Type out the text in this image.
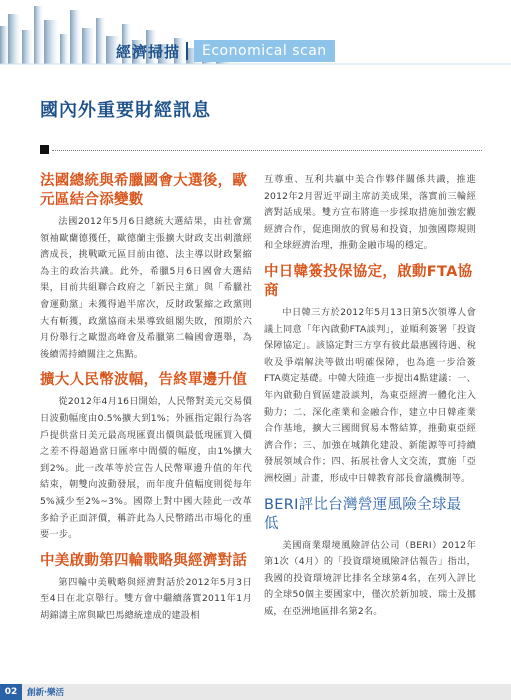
經濟掃描	Economical scan
國內外重要財經訊息
法國總統與希臘國會大選後，歐元區結合添變數

法國2012年5月6日總統大選結果，由社會黨領袖歐蘭德獲任，歐德蘭主張擴大財政支出刺激經濟成長，挑戰歐元區目前由德、法主導以財政緊縮為主的政治共識。此外，希臘5月6日國會大選結果，目前共組聯合政府之「新民主黨」與「希臘社會運動黨」未獲得過半席次，反財政緊縮之政黨則大有斬獲，政黨協商未果導致組閣失敗，預期於六月份舉行之歐盟高峰會及希臘第二輪國會選舉，為後續需持續關注之焦點。

擴大人民幣波幅，告終單邊升值

從2012年4月16日開始，人民幣對美元交易價日波動幅度由0.5%擴大到1%；外匯指定銀行為客戶提供當日美元最高現匯賣出價與最低現匯買入價之差不得超過當日匯率中間價的幅度，由1%擴大到2%。此一改革等於宣告人民幣單邊升值的年代結束，朝雙向波動發展，而年度升值幅度則從每年5%減少至2%~3%。國際上對中國大陸此一改革多給予正面評價，稱許此為人民幣踏出市場化的重要一步。

中美啟動第四輪戰略與經濟對話

第四輪中美戰略與經濟對話於2012年5月3日至4日在北京舉行。雙方會中繼續落實2011年1月胡錦濤主席與歐巴馬總統達成的建設相

互尊重、互利共贏中美合作夥伴關係共識，推進2012年2月習近平副主席訪美成果，落實前三輪經濟對話成果。雙方宣布將進一步採取措施加強宏觀經濟合作，促進開放的貿易和投資，加強國際規則和全球經濟治理，推動金融市場的穩定。

中日韓簽投保協定，啟動FTA協商

中日韓三方於2012年5月13日第5次領導人會議上同意「年內啟動FTA談判」，並順利簽署「投資保障協定」。該協定對三方享有彼此最惠國待遇、稅收及爭端解決等做出明確保障，也為進一步洽簽FTA奠定基礎。中韓大陸進一步提出4點建議：一、年內啟動自貿區建設談判，為東亞經濟一體化注入動力；二、深化產業和金融合作，建立中日韓產業合作基地，擴大三國間貿易本幣結算，推動東亞經濟合作；三、加強在城鎮化建設、新能源等可持續發展領域合作；四、拓展社會人文交流，實施「亞洲校園」計畫，形成中日韓教育部長會議機制等。

BERI評比台灣營運風險全球最低

美國商業環境風險評估公司（BERI）2012年第1次（4月）的「投資環境風險評估報告」指出，我國的投資環境評比排名全球第4名，在列入評比的全球50個主要國家中，僅次於新加坡、瑞士及挪威，在亞洲地區排名第2名。

02	創新‧樂活
